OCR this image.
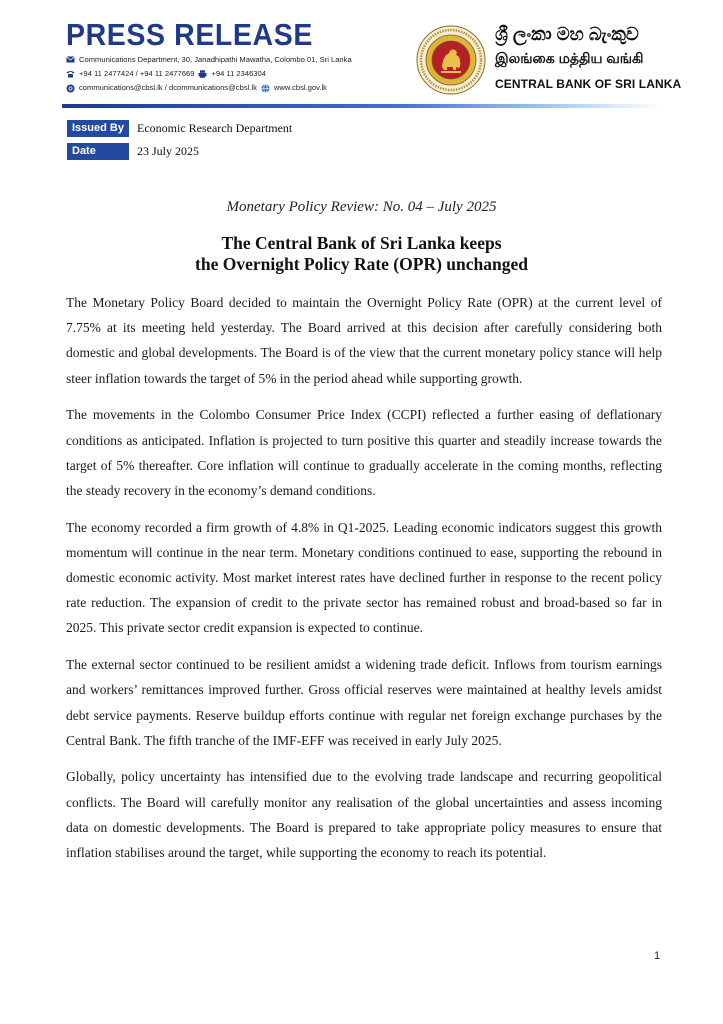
PRESS RELEASE
Communications Department, 30, Janadhipathi Mawatha, Colombo 01, Sri Lanka
+94 11 2477424 / +94 11 2477669 +94 11 2346304
communications@cbsl.lk / dcommunications@cbsl.lk www.cbsl.gov.lk
ශ්‍රී ලංකා මහ බැංකුව
இலங்கை மத்திய வங்கி
CENTRAL BANK OF SRI LANKA
Issued By	Economic Research Department
Date	23 July 2025
Monetary Policy Review: No. 04 – July 2025
The Central Bank of Sri Lanka keeps
the Overnight Policy Rate (OPR) unchanged

The Monetary Policy Board decided to maintain the Overnight Policy Rate (OPR) at the current level of 7.75% at its meeting held yesterday. The Board arrived at this decision after carefully considering both domestic and global developments. The Board is of the view that the current monetary policy stance will help steer inflation towards the target of 5% in the period ahead while supporting growth.

The movements in the Colombo Consumer Price Index (CCPI) reflected a further easing of deflationary conditions as anticipated. Inflation is projected to turn positive this quarter and steadily increase towards the target of 5% thereafter. Core inflation will continue to gradually accelerate in the coming months, reflecting the steady recovery in the economy’s demand conditions.

The economy recorded a firm growth of 4.8% in Q1-2025. Leading economic indicators suggest this growth momentum will continue in the near term. Monetary conditions continued to ease, supporting the rebound in domestic economic activity. Most market interest rates have declined further in response to the recent policy rate reduction. The expansion of credit to the private sector has remained robust and broad-based so far in 2025. This private sector credit expansion is expected to continue.

The external sector continued to be resilient amidst a widening trade deficit. Inflows from tourism earnings and workers’ remittances improved further. Gross official reserves were maintained at healthy levels amidst debt service payments. Reserve buildup efforts continue with regular net foreign exchange purchases by the Central Bank. The fifth tranche of the IMF-EFF was received in early July 2025.

Globally, policy uncertainty has intensified due to the evolving trade landscape and recurring geopolitical conflicts. The Board will carefully monitor any realisation of the global uncertainties and assess incoming data on domestic developments. The Board is prepared to take appropriate policy measures to ensure that inflation stabilises around the target, while supporting the economy to reach its potential.

1
